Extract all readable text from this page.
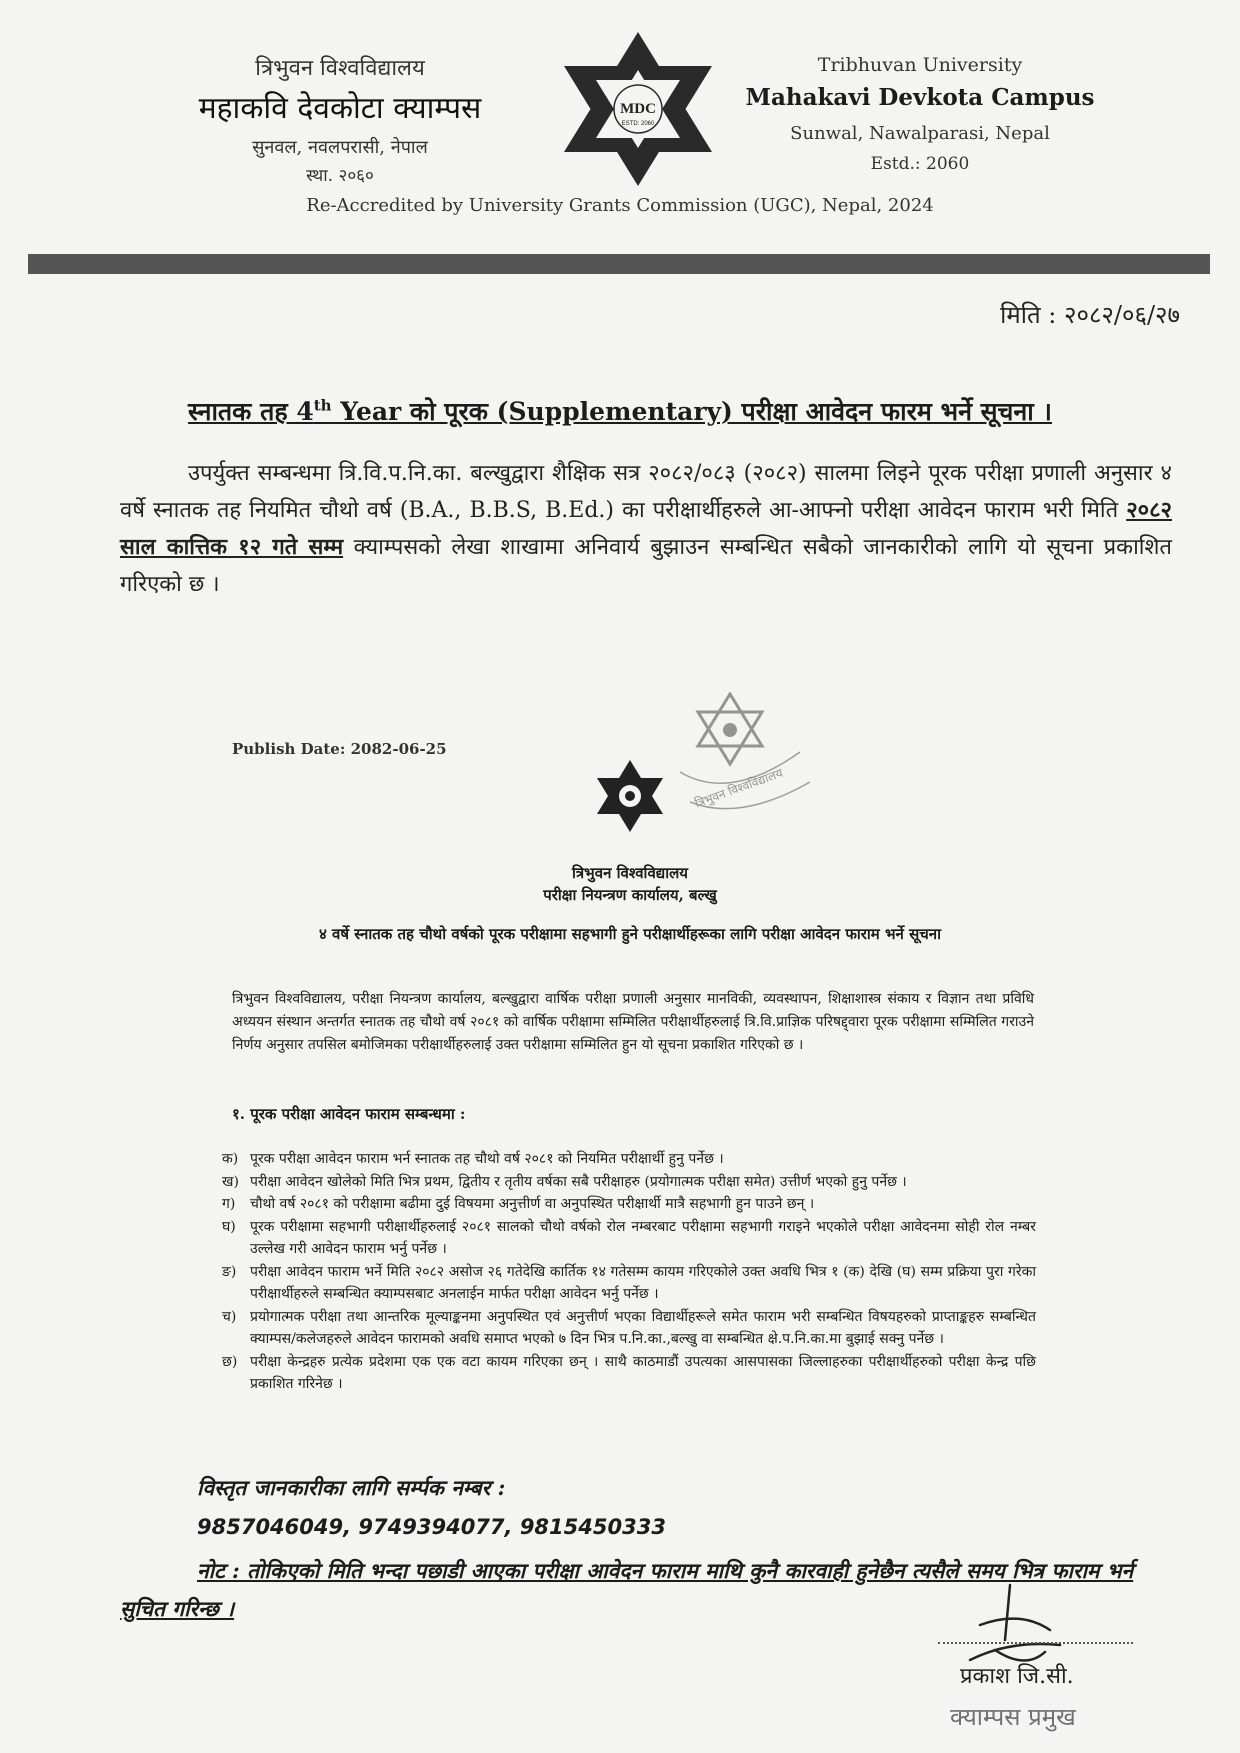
त्रिभुवन विश्वविद्यालय
महाकवि देवकोटा क्याम्पस
सुनवल, नवलपरासी, नेपाल
स्था. २०६०
MDC
ESTD: 2060
Tribhuvan University
Mahakavi Devkota Campus
Sunwal, Nawalparasi, Nepal
Estd.: 2060
Re-Accredited by University Grants Commission (UGC), Nepal, 2024
मिति : २०८२/०६/२७
स्नातक तह 4th Year को पूरक (Supplementary) परीक्षा आवेदन फारम भर्ने सूचना ।
उपर्युक्त सम्बन्धमा त्रि.वि.प.नि.का. बल्खुद्वारा शैक्षिक सत्र २०८२/०८३ (२०८२) सालमा लिइने पूरक परीक्षा प्रणाली अनुसार ४ वर्षे स्नातक तह नियमित चौथो वर्ष (B.A., B.B.S, B.Ed.) का परीक्षार्थीहरुले आ-आफ्नो परीक्षा आवेदन फाराम भरी मिति २०८२ साल कात्तिक १२ गते सम्म क्याम्पसको लेखा शाखामा अनिवार्य बुझाउन सम्बन्धित सबैको जानकारीको लागि यो सूचना प्रकाशित गरिएको छ ।
Publish Date: 2082-06-25
त्रिभुवन विश्वविद्यालय
त्रिभुवन विश्वविद्यालय
परीक्षा नियन्त्रण कार्यालय, बल्खु
४ वर्षे स्नातक तह चौथो वर्षको पूरक परीक्षामा सहभागी हुने परीक्षार्थीहरूका लागि परीक्षा आवेदन फाराम भर्ने सूचना
त्रिभुवन विश्वविद्यालय, परीक्षा नियन्त्रण कार्यालय, बल्खुद्वारा वार्षिक परीक्षा प्रणाली अनुसार मानविकी, व्यवस्थापन, शिक्षाशास्त्र संकाय र विज्ञान तथा प्रविधि अध्ययन संस्थान अन्तर्गत स्नातक तह चौथो वर्ष २०८१ को वार्षिक परीक्षामा सम्मिलित परीक्षार्थीहरुलाई त्रि.वि.प्राज्ञिक परिषद्द्वारा पूरक परीक्षामा सम्मिलित गराउने निर्णय अनुसार तपसिल बमोजिमका परीक्षार्थीहरुलाई उक्त परीक्षामा सम्मिलित हुन यो सूचना प्रकाशित गरिएको छ ।
१. पूरक परीक्षा आवेदन फाराम सम्बन्धमा :
क) पूरक परीक्षा आवेदन फाराम भर्न स्नातक तह चौथो वर्ष २०८१ को नियमित परीक्षार्थी हुनु पर्नेछ ।
ख) परीक्षा आवेदन खोलेको मिति भित्र प्रथम, द्वितीय र तृतीय वर्षका सबै परीक्षाहरु (प्रयोगात्मक परीक्षा समेत) उत्तीर्ण भएको हुनु पर्नेछ ।
ग)	चौथो वर्ष २०८१ को परीक्षामा बढीमा दुई विषयमा अनुत्तीर्ण वा अनुपस्थित परीक्षार्थी मात्रै सहभागी हुन पाउने छन् ।
घ)	पूरक परीक्षामा सहभागी परीक्षार्थीहरुलाई २०८१ सालको चौथो वर्षको रोल नम्बरबाट परीक्षामा सहभागी गराइने भएकोले परीक्षा आवेदनमा सोही रोल नम्बर उल्लेख गरी आवेदन फाराम भर्नु पर्नेछ ।
ङ) परीक्षा आवेदन फाराम भर्ने मिति २०८२ असोज २६ गतेदेखि कार्तिक १४ गतेसम्म कायम गरिएकोले उक्त अवधि भित्र १ (क) देखि (घ) सम्म प्रक्रिया पुरा गरेका परीक्षार्थीहरुले सम्बन्धित क्याम्पसबाट अनलाईन मार्फत परीक्षा आवेदन भर्नु पर्नेछ ।
च) प्रयोगात्मक परीक्षा तथा आन्तरिक मूल्याङ्कनमा अनुपस्थित एवं अनुत्तीर्ण भएका विद्यार्थीहरूले समेत फाराम भरी सम्बन्धित विषयहरुको प्राप्ताङ्कहरु सम्बन्धित क्याम्पस/कलेजहरुले आवेदन फारामको अवधि समाप्त भएको ७ दिन भित्र प.नि.का.,बल्खु वा सम्बन्धित क्षे.प.नि.का.मा बुझाई सक्नु पर्नेछ ।
छ) परीक्षा केन्द्रहरु प्रत्येक प्रदेशमा एक एक वटा कायम गरिएका छन् । साथै काठमाडौं उपत्यका आसपासका जिल्लाहरुका परीक्षार्थीहरुको परीक्षा केन्द्र पछि प्रकाशित गरिनेछ ।
विस्तृत जानकारीका लागि सर्म्पक नम्बर :
9857046049, 9749394077, 9815450333
नोट : तोकिएको मिति भन्दा पछाडी आएका परीक्षा आवेदन फाराम माथि कुनै कारवाही हुनेछैन त्यसैले समय भित्र फाराम भर्न सुचित गरिन्छ ।
प्रकाश जि.सी.
क्याम्पस प्रमुख
